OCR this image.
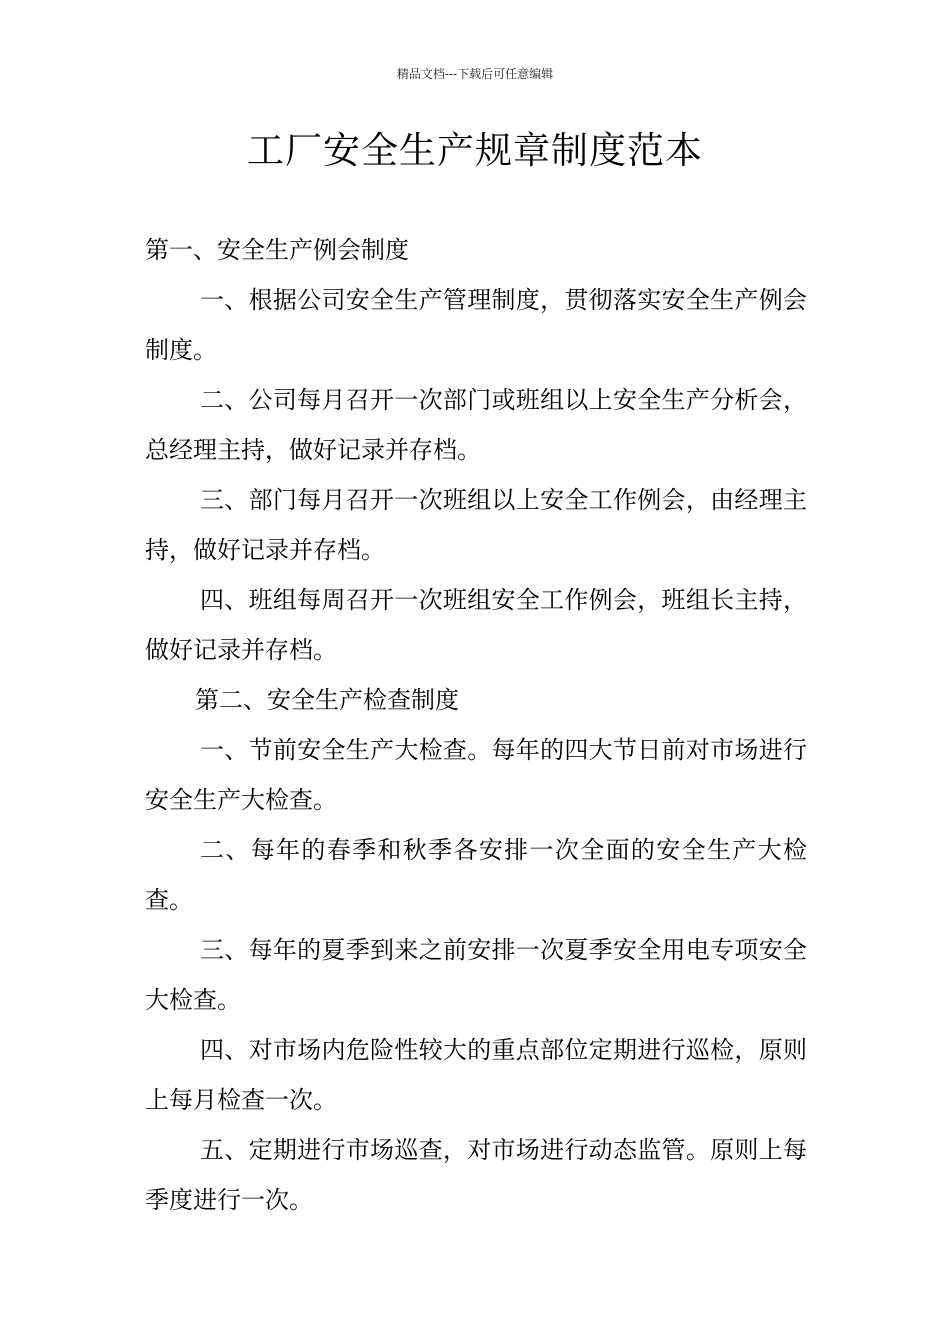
精品文档---下载后可任意编辑
工厂安全生产规章制度范本

第一、安全生产例会制度

一、根据公司安全生产管理制度，贯彻落实安全生产例会制度。

二、公司每月召开一次部门或班组以上安全生产分析会，总经理主持，做好记录并存档。

三、部门每月召开一次班组以上安全工作例会，由经理主持，做好记录并存档。

四、班组每周召开一次班组安全工作例会，班组长主持，做好记录并存档。

第二、安全生产检查制度

一、节前安全生产大检查。每年的四大节日前对市场进行安全生产大检查。

二、每年的春季和秋季各安排一次全面的安全生产大检查。

三、每年的夏季到来之前安排一次夏季安全用电专项安全大检查。

四、对市场内危险性较大的重点部位定期进行巡检，原则上每月检查一次。

五、定期进行市场巡查，对市场进行动态监管。原则上每季度进行一次。
